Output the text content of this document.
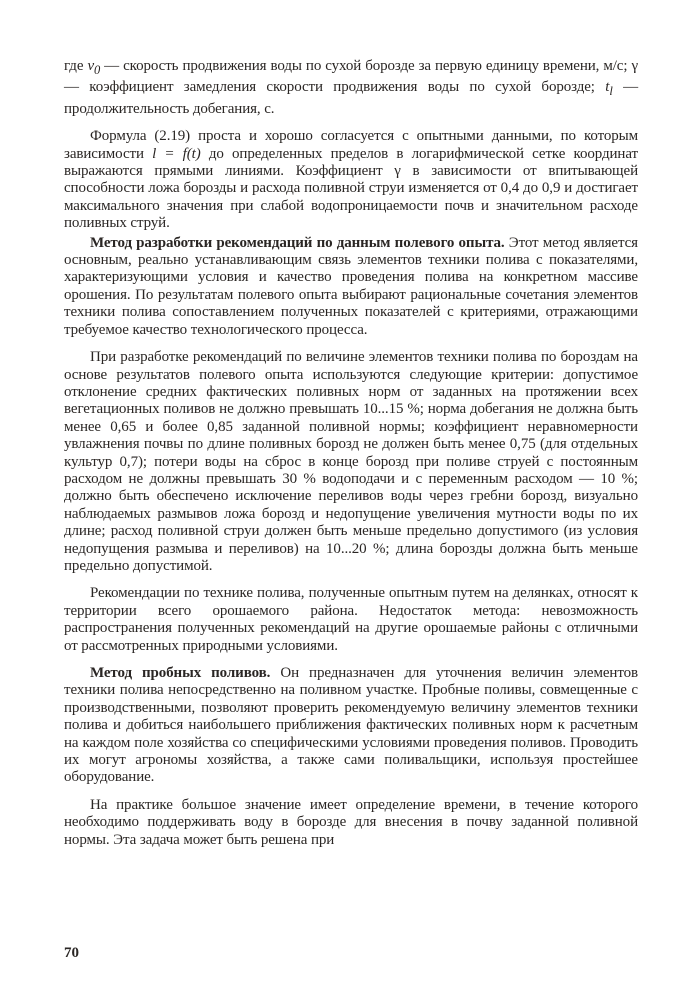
где $v_0$ — скорость продвижения воды по сухой борозде за первую единицу времени, м/с; γ — коэффициент замедления скорости продвижения воды по сухой борозде; $t_l$ — продолжительность добегания, с.

Формула (2.19) проста и хорошо согласуется с опытными данными, по которым зависимости l = f(t) до определенных пределов в логарифмической сетке координат выражаются прямыми линиями. Коэффициент γ в зависимости от впитывающей способности ложа борозды и расхода поливной струи изменяется от 0,4 до 0,9 и достигает максимального значения при слабой водопроницаемости почв и значительном расходе поливных струй.

Метод разработки рекомендаций по данным полевого опыта. Этот метод является основным, реально устанавливающим связь элементов техники полива с показателями, характеризующими условия и качество проведения полива на конкретном массиве орошения. По результатам полевого опыта выбирают рациональные сочетания элементов техники полива сопоставлением полученных показателей с критериями, отражающими требуемое качество технологического процесса.

При разработке рекомендаций по величине элементов техники полива по бороздам на основе результатов полевого опыта используются следующие критерии: допустимое отклонение средних фактических поливных норм от заданных на протяжении всех вегетационных поливов не должно превышать 10...15 %; норма добегания не должна быть менее 0,65 и более 0,85 заданной поливной нормы; коэффициент неравномерности увлажнения почвы по длине поливных борозд не должен быть менее 0,75 (для отдельных культур 0,7); потери воды на сброс в конце борозд при поливе струей с постоянным расходом не должны превышать 30 % водоподачи и с переменным расходом — 10 %; должно быть обеспечено исключение переливов воды через гребни борозд, визуально наблюдаемых размывов ложа борозд и недопущение увеличения мутности воды по их длине; расход поливной струи должен быть меньше предельно допустимого (из условия недопущения размыва и переливов) на 10...20 %; длина борозды должна быть меньше предельно допустимой.

Рекомендации по технике полива, полученные опытным путем на делянках, относят к территории всего орошаемого района. Недостаток метода: невозможность распространения полученных рекомендаций на другие орошаемые районы с отличными от рассмотренных природными условиями.

Метод пробных поливов. Он предназначен для уточнения величин элементов техники полива непосредственно на поливном участке. Пробные поливы, совмещенные с производственными, позволяют проверить рекомендуемую величину элементов техники полива и добиться наибольшего приближения фактических поливных норм к расчетным на каждом поле хозяйства со специфическими условиями проведения поливов. Проводить их могут агрономы хозяйства, а также сами поливальщики, используя простейшее оборудование.

На практике большое значение имеет определение времени, в течение которого необходимо поддерживать воду в борозде для внесения в почву заданной поливной нормы. Эта задача может быть решена при

70
